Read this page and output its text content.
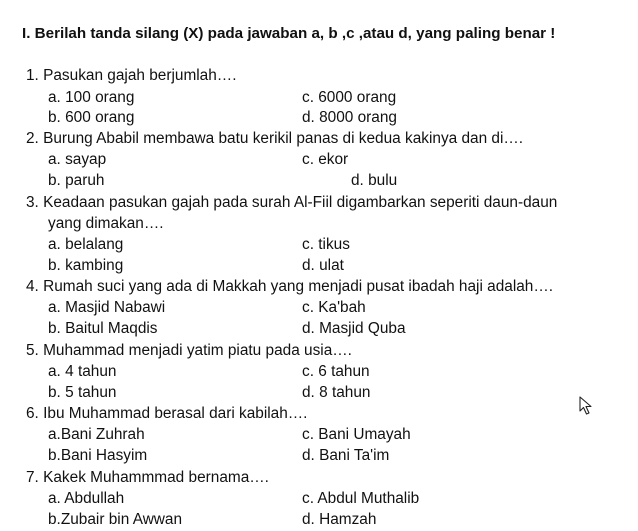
I. Berilah tanda silang (X) pada jawaban a, b ,c ,atau d, yang paling benar !
1. Pasukan gajah berjumlah….
a. 100 orang
b. 600 orang
c. 6000 orang
d. 8000 orang
2. Burung Ababil membawa batu kerikil panas di kedua kakinya dan di….
a. sayap
b. paruh
c. ekor
d. bulu
3. Keadaan pasukan gajah pada surah Al-Fiil digambarkan seperiti daun-daun
yang dimakan….
a. belalang
b. kambing
c. tikus
d. ulat
4. Rumah suci yang ada di Makkah yang menjadi pusat ibadah haji adalah….
a. Masjid Nabawi
b. Baitul Maqdis
c. Ka'bah
d. Masjid Quba
5. Muhammad menjadi yatim piatu pada usia….
a. 4 tahun
b. 5 tahun
c. 6 tahun
d. 8 tahun
6. Ibu Muhammad berasal dari kabilah….
a.Bani Zuhrah
b.Bani Hasyim
c. Bani Umayah
d. Bani Ta'im
7. Kakek Muhammmad bernama….
a. Abdullah
b.Zubair bin Awwan
c. Abdul Muthalib
d. Hamzah
